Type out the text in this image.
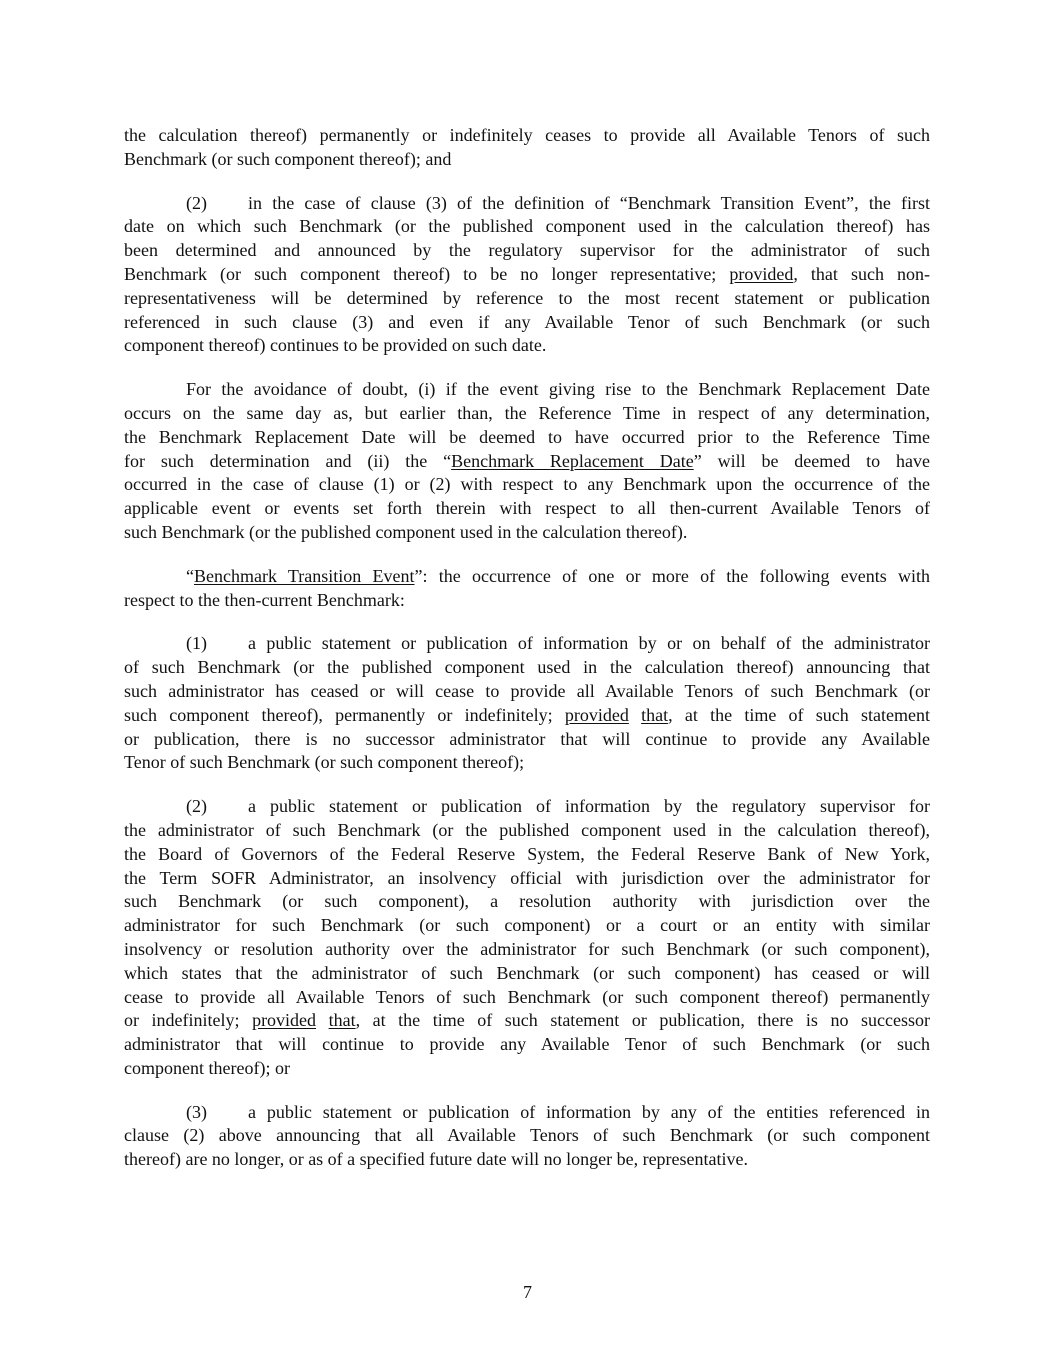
the calculation thereof) permanently or indefinitely ceases to provide all Available Tenors of such
Benchmark (or such component thereof); and
(2) in the case of clause (3) of the definition of “Benchmark Transition Event”, the first
date on which such Benchmark (or the published component used in the calculation thereof) has
been determined and announced by the regulatory supervisor for the administrator of such
Benchmark (or such component thereof) to be no longer representative; provided, that such non-
representativeness will be determined by reference to the most recent statement or publication
referenced in such clause (3) and even if any Available Tenor of such Benchmark (or such
component thereof) continues to be provided on such date.
For the avoidance of doubt, (i) if the event giving rise to the Benchmark Replacement Date
occurs on the same day as, but earlier than, the Reference Time in respect of any determination,
the Benchmark Replacement Date will be deemed to have occurred prior to the Reference Time
for such determination and (ii) the “Benchmark Replacement Date” will be deemed to have
occurred in the case of clause (1) or (2) with respect to any Benchmark upon the occurrence of the
applicable event or events set forth therein with respect to all then-current Available Tenors of
such Benchmark (or the published component used in the calculation thereof).
“Benchmark Transition Event”: the occurrence of one or more of the following events with
respect to the then-current Benchmark:
(1) a public statement or publication of information by or on behalf of the administrator
of such Benchmark (or the published component used in the calculation thereof) announcing that
such administrator has ceased or will cease to provide all Available Tenors of such Benchmark (or
such component thereof), permanently or indefinitely; provided that, at the time of such statement
or publication, there is no successor administrator that will continue to provide any Available
Tenor of such Benchmark (or such component thereof);
(2) a public statement or publication of information by the regulatory supervisor for
the administrator of such Benchmark (or the published component used in the calculation thereof),
the Board of Governors of the Federal Reserve System, the Federal Reserve Bank of New York,
the Term SOFR Administrator, an insolvency official with jurisdiction over the administrator for
such Benchmark (or such component), a resolution authority with jurisdiction over the
administrator for such Benchmark (or such component) or a court or an entity with similar
insolvency or resolution authority over the administrator for such Benchmark (or such component),
which states that the administrator of such Benchmark (or such component) has ceased or will
cease to provide all Available Tenors of such Benchmark (or such component thereof) permanently
or indefinitely; provided that, at the time of such statement or publication, there is no successor
administrator that will continue to provide any Available Tenor of such Benchmark (or such
component thereof); or
(3) a public statement or publication of information by any of the entities referenced in
clause (2) above announcing that all Available Tenors of such Benchmark (or such component
thereof) are no longer, or as of a specified future date will no longer be, representative.
7
